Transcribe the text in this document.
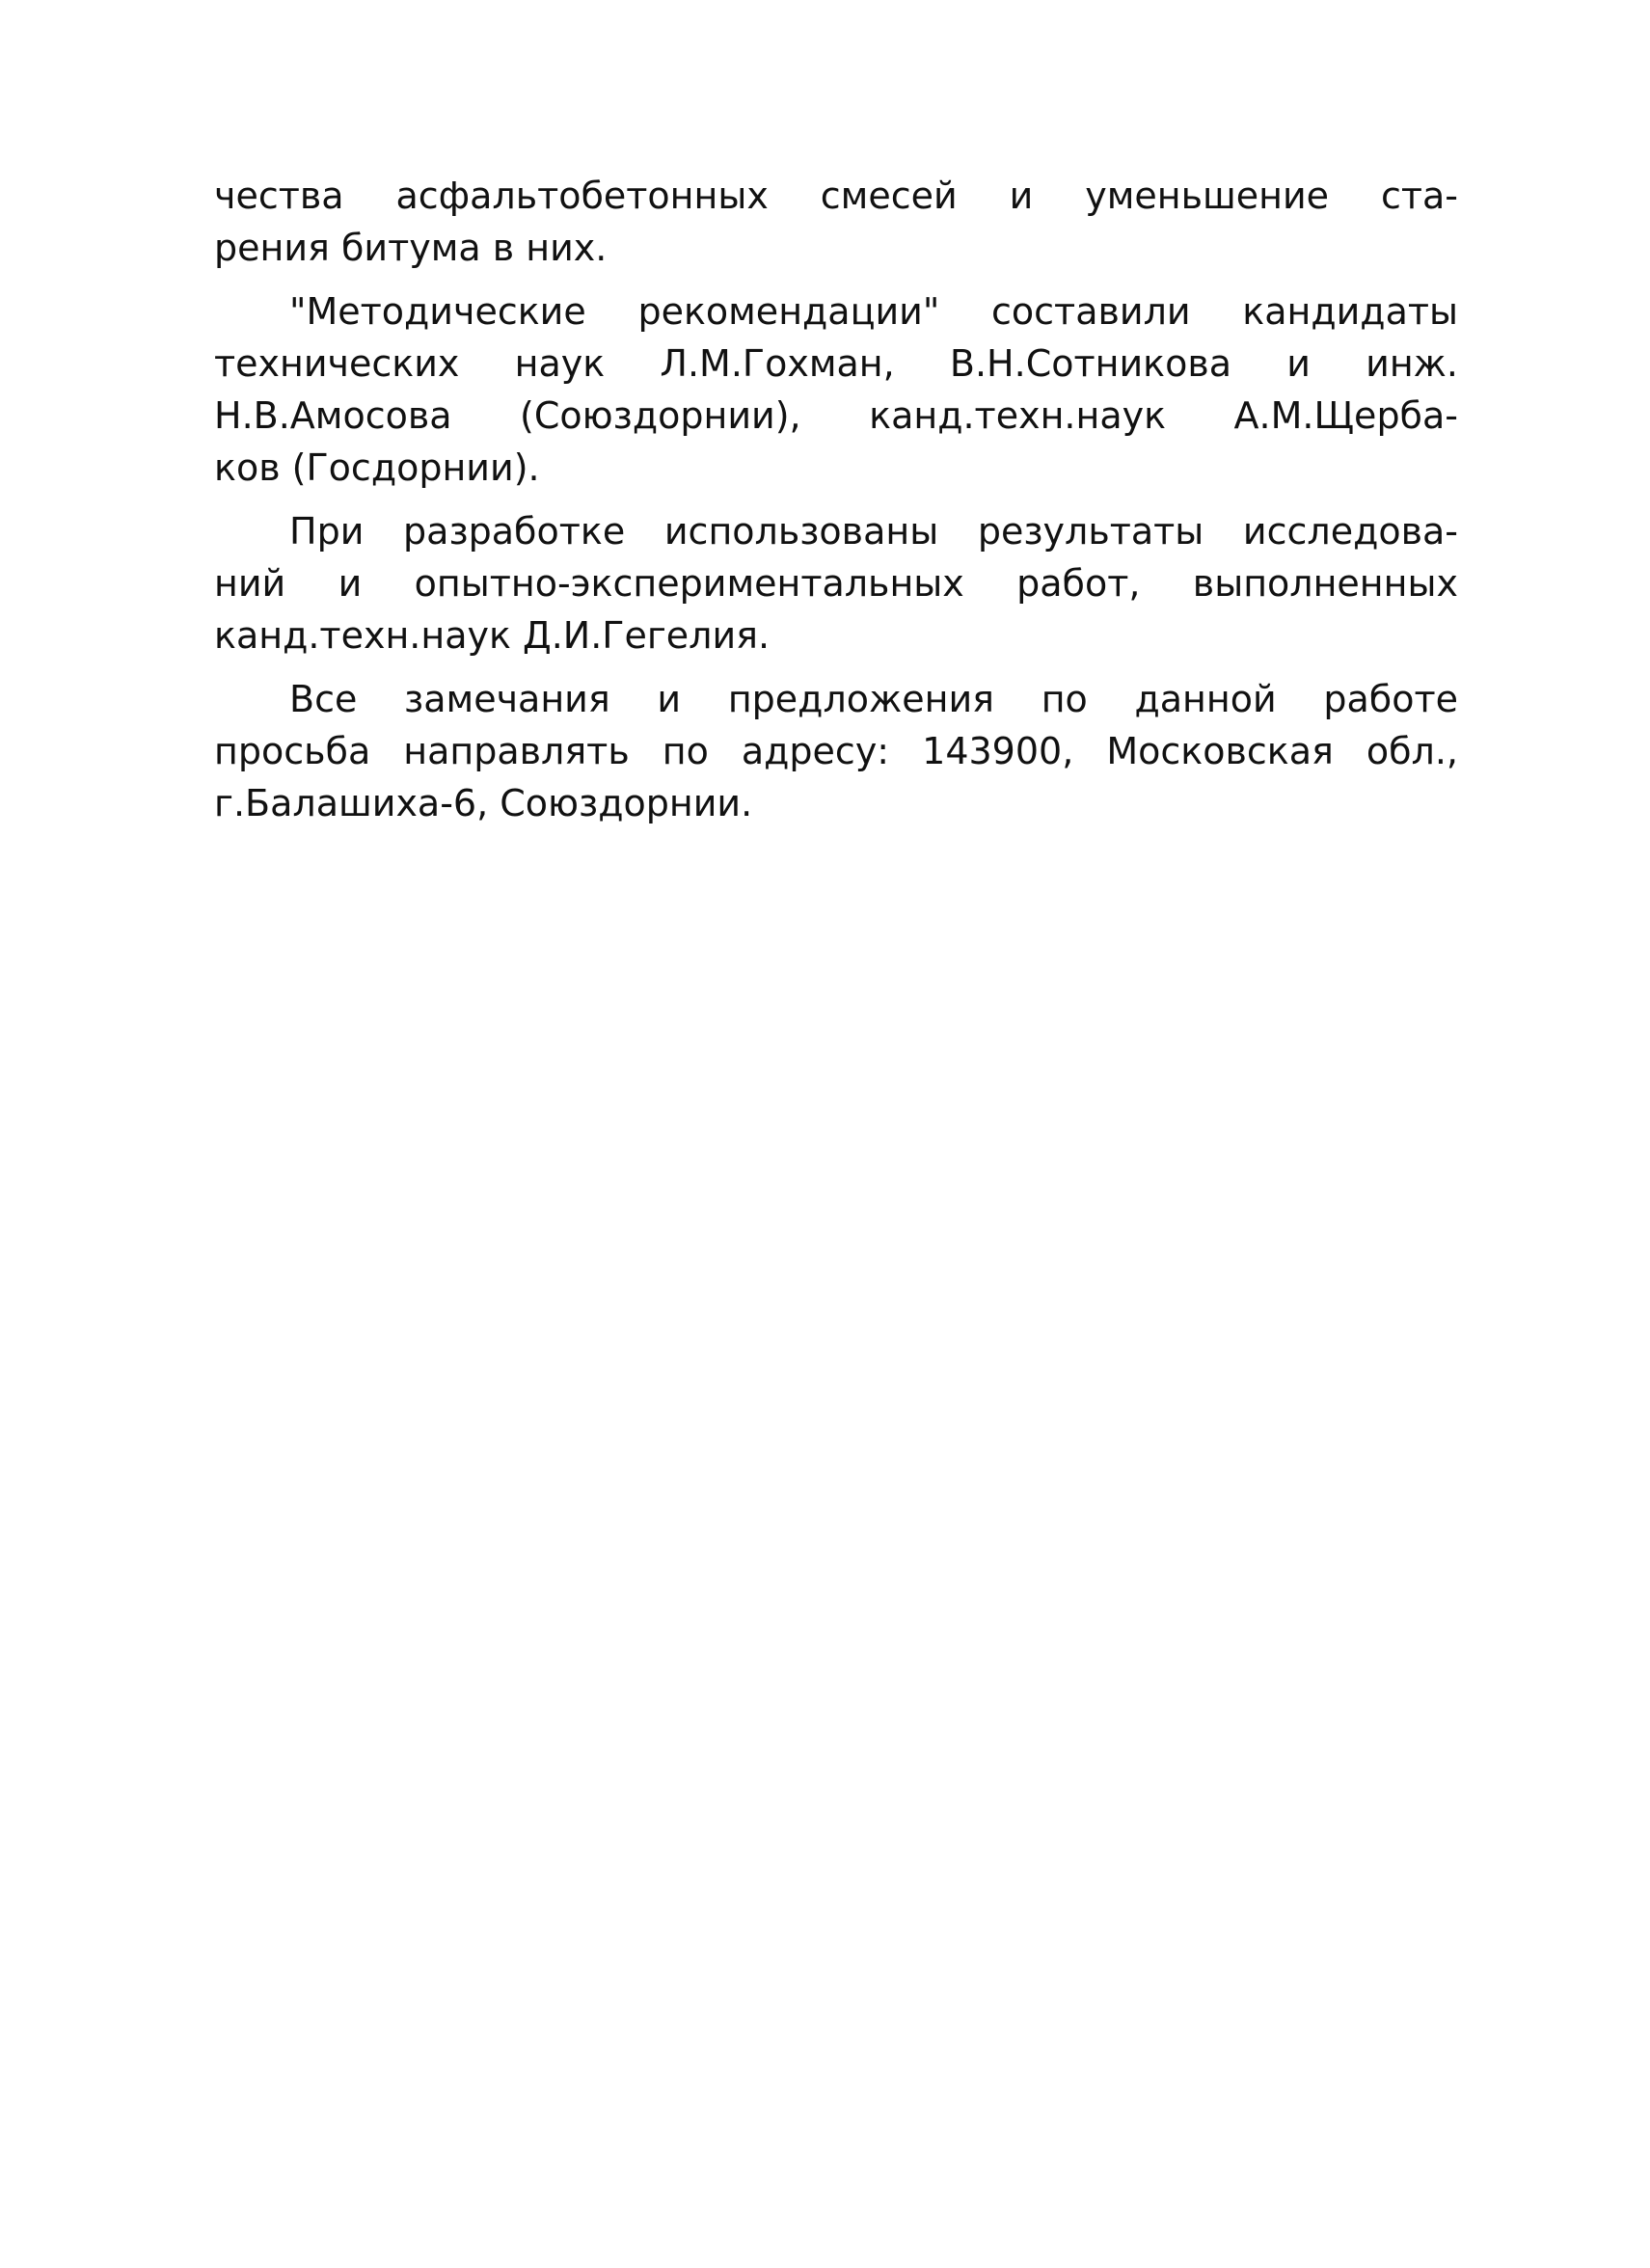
чества асфальтобетонных смесей и уменьшение ста-
рения битума в них.
"Методические рекомендации" составили кандидаты
технических наук Л.М.Гохман, В.Н.Сотникова и инж.
Н.В.Амосова (Союздорнии), канд.техн.наук А.М.Щерба-
ков (Госдорнии).
При разработке использованы результаты исследова-
ний и опытно-экспериментальных работ, выполненных
канд.техн.наук Д.И.Гегелия.
Все замечания и предложения по данной работе
просьба направлять по адресу: 143900, Московская обл.,
г.Балашиха-6, Союздорнии.
